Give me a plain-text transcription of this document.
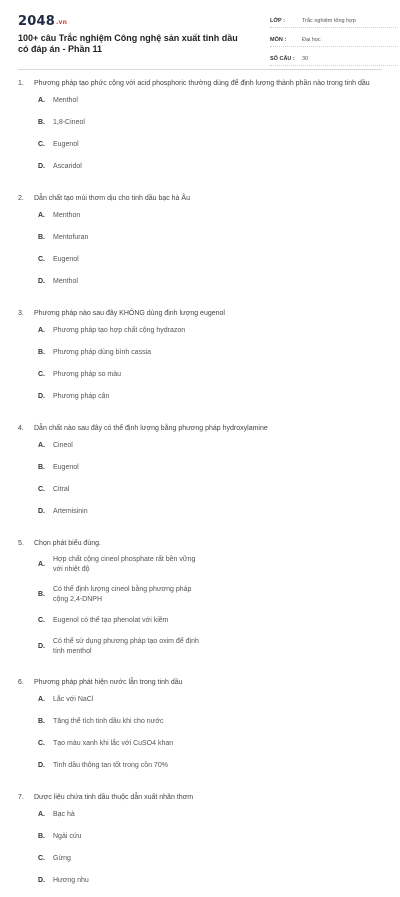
2048.vn
100+ câu Trắc nghiệm Công nghệ sản xuất tinh dầu có đáp án - Phần 11
LỚP :	Trắc nghiệm tổng hợp
MÔN :	Đại học
SỐ CÂU :	30
1.	Phương pháp tạo phức cộng với acid phosphoric thường dùng để định lượng thành phần nào trong tinh dầu
A.	Menthol
B.	1,8-Cineol
C.	Eugenol
D.	Ascaridol
2.	Dẫn chất tạo mùi thơm dịu cho tinh dầu bạc hà Âu
A.	Menthon
B.	Mentofuran
C.	Eugenol
D.	Menthol
3.	Phương pháp nào sau đây KHÔNG dùng định lượng eugenol
A.	Phương pháp tạo hợp chất cộng hydrazon
B.	Phương pháp dùng bình cassia
C.	Phương pháp so màu
D.	Phương pháp cân
4.	Dẫn chất nào sau đây có thể định lượng bằng phương pháp hydroxylamine
A.	Cineol
B.	Eugenol
C.	Citral
D.	Artemisinin
5.	Chọn phát biểu đúng.
A.
Hợp chất cộng cineol phosphate rất bền vững với nhiệt độ
B.
Có thể định lượng cineol bằng phương pháp cộng 2,4-DNPH
C.	Eugenol có thể tạo phenolat với kiềm
D.
Có thể sử dụng phương pháp tạo oxim để định tính menthol
6.	Phương pháp phát hiện nước lẫn trong tinh dầu
A.	Lắc với NaCl
B.	Tăng thể tích tinh dầu khi cho nước
C.	Tạo màu xanh khi lắc với CuSO4 khan
D.	Tinh dầu thông tan tốt trong cồn 70%
7.	Dược liệu chứa tinh dầu thuộc dẫn xuất nhân thơm
A.	Bạc hà
B.	Ngải cứu
C.	Gừng
D.	Hương nhu
